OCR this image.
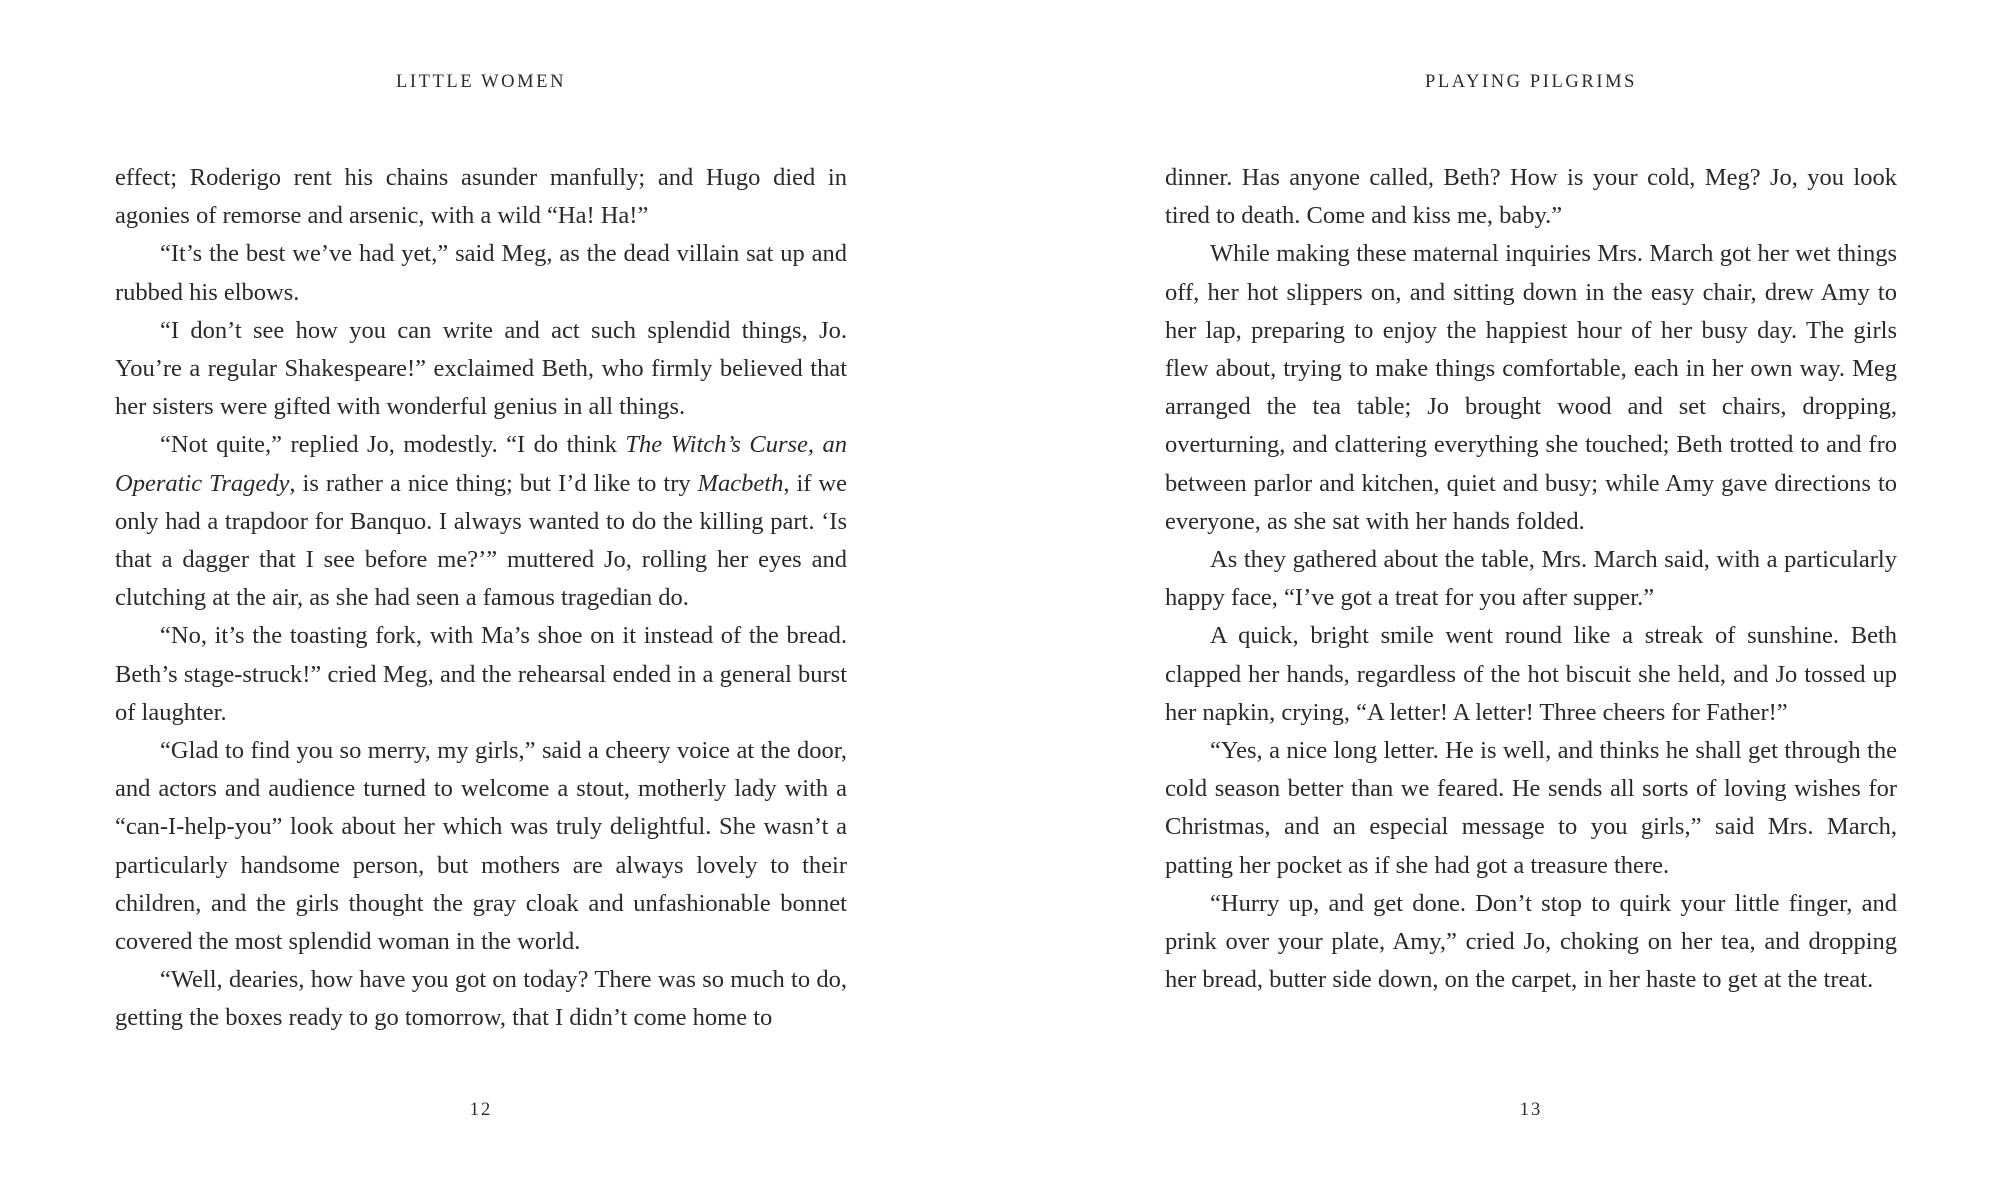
LITTLE WOMEN

effect; Roderigo rent his chains asunder manfully; and Hugo died in agonies of remorse and arsenic, with a wild “Ha! Ha!”

“It’s the best we’ve had yet,” said Meg, as the dead villain sat up and rubbed his elbows.

“I don’t see how you can write and act such splendid things, Jo. You’re a regular Shakespeare!” exclaimed Beth, who firmly believed that her sisters were gifted with wonderful genius in all things.

“Not quite,” replied Jo, modestly. “I do think The Witch’s Curse, an Operatic Tragedy, is rather a nice thing; but I’d like to try Macbeth, if we only had a trapdoor for Banquo. I always wanted to do the killing part. ‘Is that a dagger that I see before me?’” muttered Jo, rolling her eyes and clutching at the air, as she had seen a famous tragedian do.

“No, it’s the toasting fork, with Ma’s shoe on it instead of the bread. Beth’s stage-struck!” cried Meg, and the rehearsal ended in a general burst of laughter.

“Glad to find you so merry, my girls,” said a cheery voice at the door, and actors and audience turned to welcome a stout, motherly lady with a “can-I-help-you” look about her which was truly delightful. She wasn’t a particularly handsome person, but mothers are always lovely to their children, and the girls thought the gray cloak and unfashionable bonnet covered the most splendid woman in the world.

“Well, dearies, how have you got on today? There was so much to do, getting the boxes ready to go tomorrow, that I didn’t come home to

12
PLAYING PILGRIMS

dinner. Has anyone called, Beth? How is your cold, Meg? Jo, you look tired to death. Come and kiss me, baby.”

While making these maternal inquiries Mrs. March got her wet things off, her hot slippers on, and sitting down in the easy chair, drew Amy to her lap, preparing to enjoy the happiest hour of her busy day. The girls flew about, trying to make things comfortable, each in her own way. Meg arranged the tea table; Jo brought wood and set chairs, dropping, overturning, and clattering everything she touched; Beth trotted to and fro between parlor and kitchen, quiet and busy; while Amy gave directions to everyone, as she sat with her hands folded.

As they gathered about the table, Mrs. March said, with a particularly happy face, “I’ve got a treat for you after supper.”

A quick, bright smile went round like a streak of sunshine. Beth clapped her hands, regardless of the hot biscuit she held, and Jo tossed up her napkin, crying, “A letter! A letter! Three cheers for Father!”

“Yes, a nice long letter. He is well, and thinks he shall get through the cold season better than we feared. He sends all sorts of loving wishes for Christmas, and an especial message to you girls,” said Mrs. March, patting her pocket as if she had got a treasure there.

“Hurry up, and get done. Don’t stop to quirk your little finger, and prink over your plate, Amy,” cried Jo, choking on her tea, and dropping her bread, butter side down, on the carpet, in her haste to get at the treat.

13
